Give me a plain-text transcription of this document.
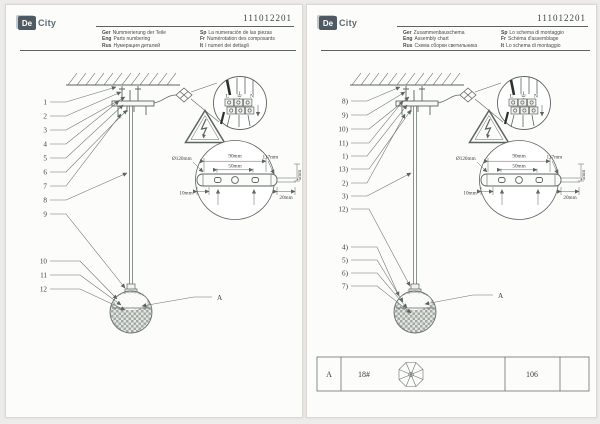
De City	111012201
Ger Nummerierung der Teile
Eng Parts numbering
Rus Нумерация деталей
Sp La numeración de las piezas
Fr Numérotation des composants
It I numeri dei dettagli
1
2
3
4
5
6
7
8
9
10
11
12
A
De City	111012201
Ger Zusammenbauschema
Eng Assembly chart
Rus Схема сборки светильника
Sp Lo schema di montaggio
Fr Schéma d'assemblage
It Lo schema di montaggio
8)
9)
10)
11)
1)
13)
2)
3)
12)
4)
5)
6)
7)
A
A	18#	106
